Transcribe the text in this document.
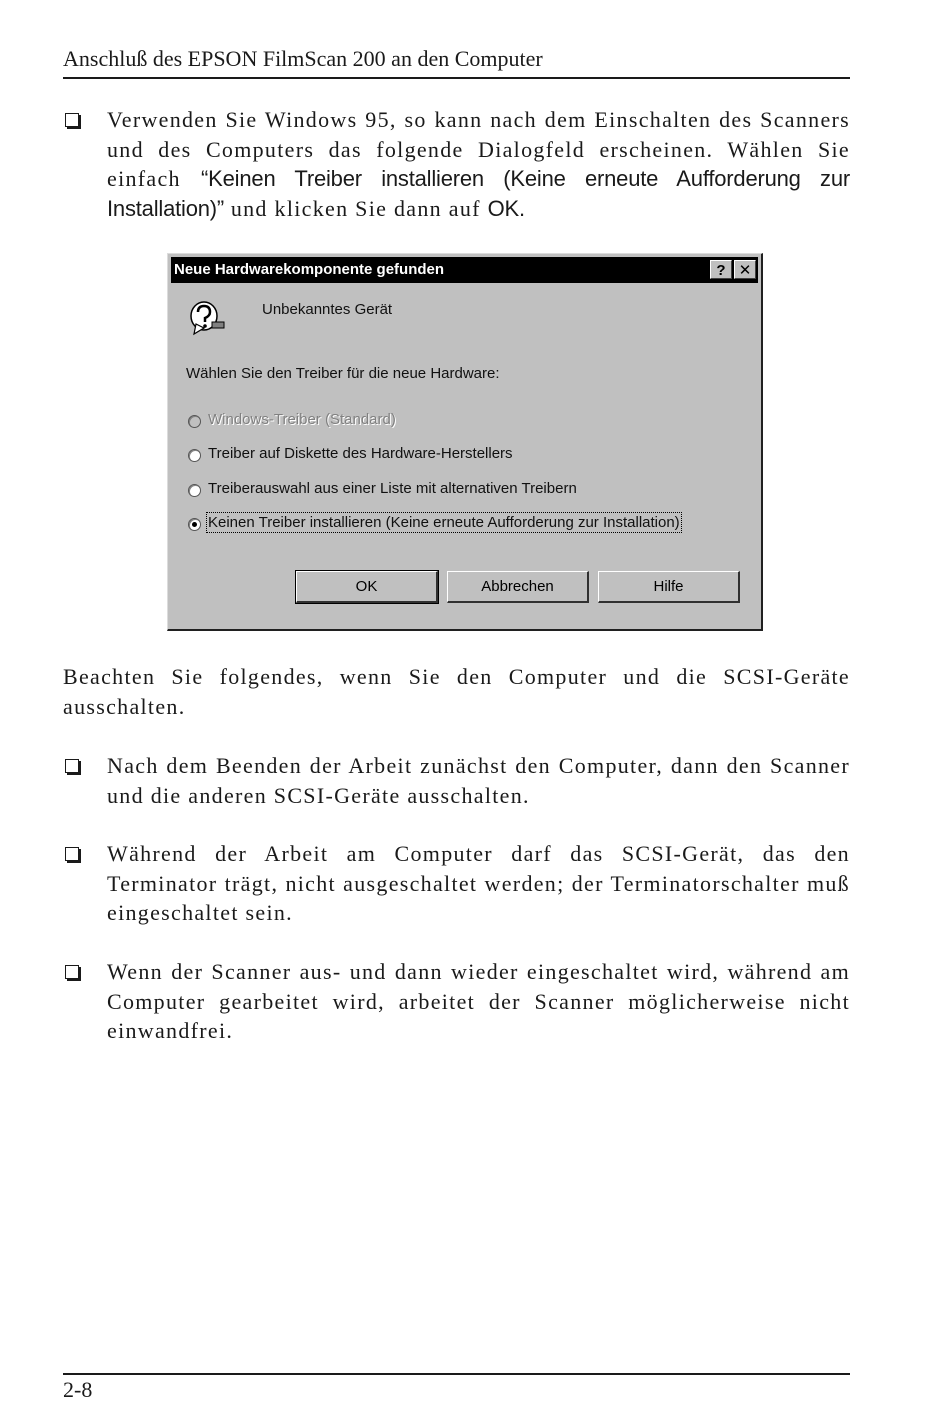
Anschluß des EPSON FilmScan 200 an den Computer
Verwenden Sie Windows 95, so kann nach dem Einschalten des Scanners und des Computers das folgende Dialogfeld erscheinen. Wählen Sie einfach “Keinen Treiber installieren (Keine erneute Aufforderung zur Installation)” und klicken Sie dann auf OK.
Neue Hardwarekomponente gefunden	? ✕
Unbekanntes Gerät
Wählen Sie den Treiber für die neue Hardware:
Windows-Treiber (Standard)
Treiber auf Diskette des Hardware-Herstellers
Treiberauswahl aus einer Liste mit alternativen Treibern
Keinen Treiber installieren (Keine erneute Aufforderung zur Installation)
OK	Abbrechen	Hilfe
Beachten Sie folgendes, wenn Sie den Computer und die SCSI-Geräte ausschalten.
Nach dem Beenden der Arbeit zunächst den Computer, dann den Scanner und die anderen SCSI-Geräte ausschalten.
Während der Arbeit am Computer darf das SCSI-Gerät, das den Terminator trägt, nicht ausgeschaltet werden; der Terminatorschalter muß eingeschaltet sein.
Wenn der Scanner aus- und dann wieder eingeschaltet wird, während am Computer gearbeitet wird, arbeitet der Scanner möglicherweise nicht einwandfrei.
2-8
